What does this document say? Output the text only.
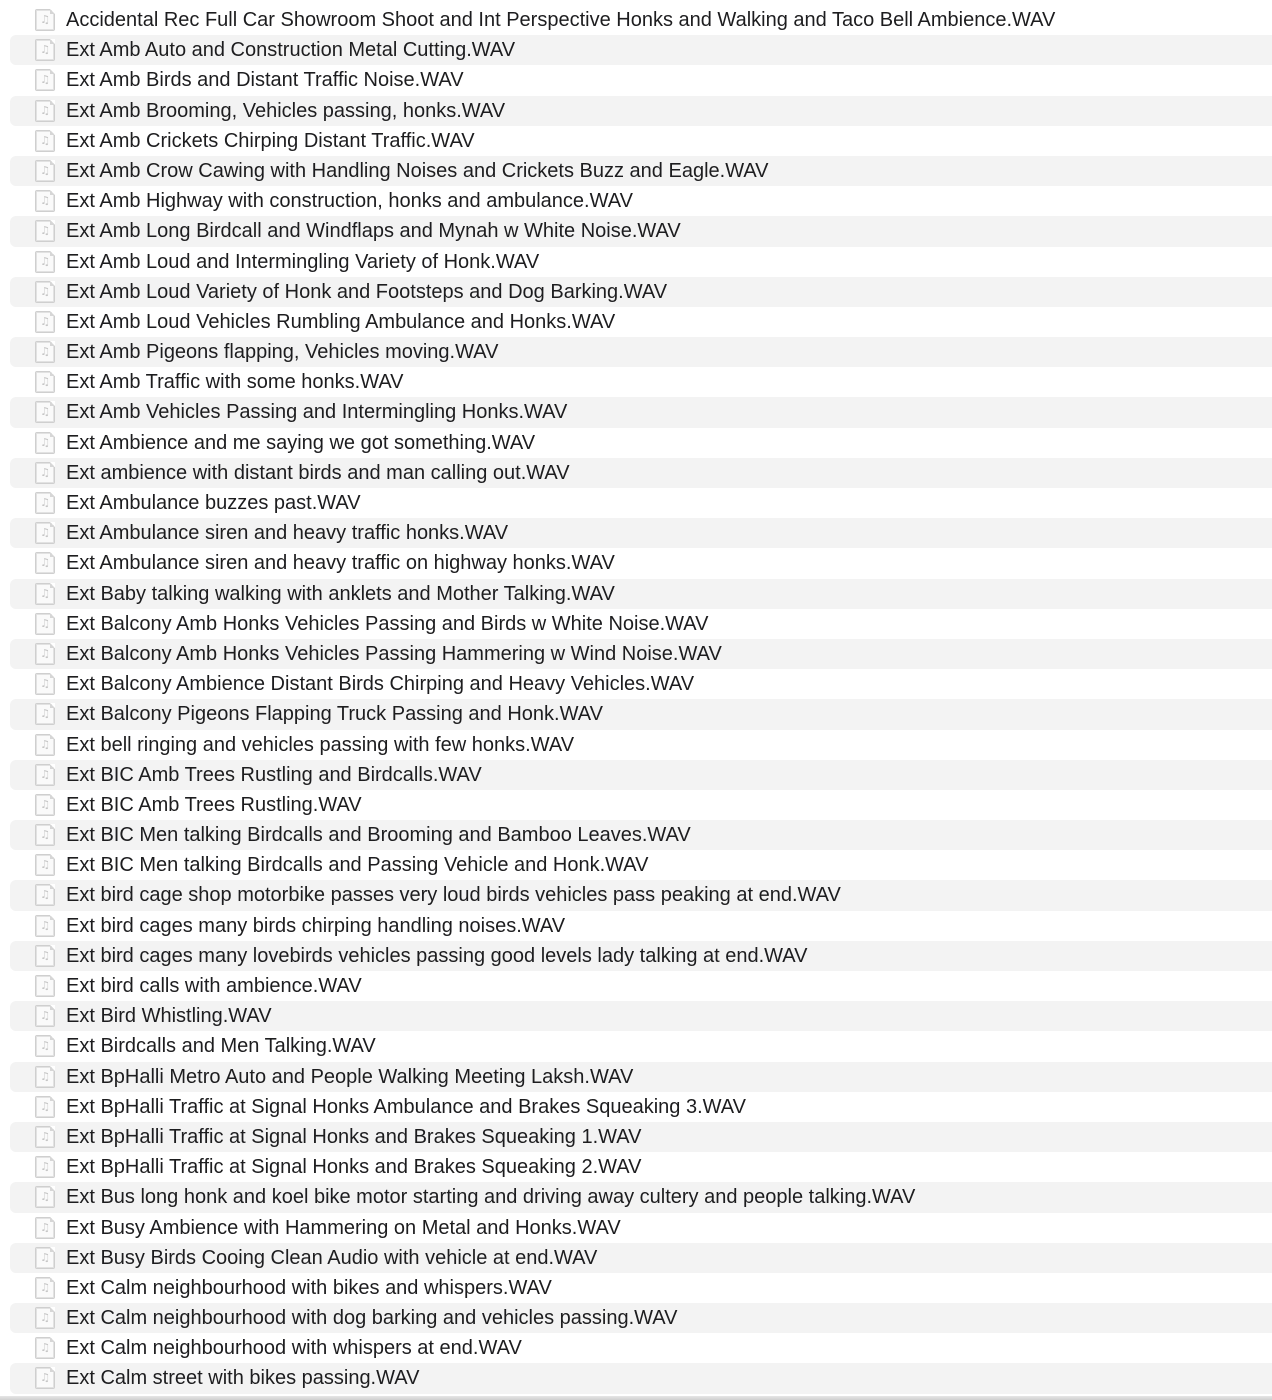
♫ Accidental Rec Full Car Showroom Shoot and Int Perspective Honks and Walking and Taco Bell Ambience.WAV
♫ Ext Amb Auto and Construction Metal Cutting.WAV
♫ Ext Amb Birds and Distant Traffic Noise.WAV
♫ Ext Amb Brooming, Vehicles passing, honks.WAV
♫ Ext Amb Crickets Chirping Distant Traffic.WAV
♫ Ext Amb Crow Cawing with Handling Noises and Crickets Buzz and Eagle.WAV
♫ Ext Amb Highway with construction, honks and ambulance.WAV
♫ Ext Amb Long Birdcall and Windflaps and Mynah w White Noise.WAV
♫ Ext Amb Loud and Intermingling Variety of Honk.WAV
♫ Ext Amb Loud Variety of Honk and Footsteps and Dog Barking.WAV
♫ Ext Amb Loud Vehicles Rumbling Ambulance and Honks.WAV
♫ Ext Amb Pigeons flapping, Vehicles moving.WAV
♫ Ext Amb Traffic with some honks.WAV
♫ Ext Amb Vehicles Passing and Intermingling Honks.WAV
♫ Ext Ambience and me saying we got something.WAV
♫ Ext ambience with distant birds and man calling out.WAV
♫ Ext Ambulance buzzes past.WAV
♫ Ext Ambulance siren and heavy traffic honks.WAV
♫ Ext Ambulance siren and heavy traffic on highway honks.WAV
♫ Ext Baby talking walking with anklets and Mother Talking.WAV
♫ Ext Balcony Amb Honks Vehicles Passing and Birds w White Noise.WAV
♫ Ext Balcony Amb Honks Vehicles Passing Hammering w Wind Noise.WAV
♫ Ext Balcony Ambience Distant Birds Chirping and Heavy Vehicles.WAV
♫ Ext Balcony Pigeons Flapping Truck Passing and Honk.WAV
♫ Ext bell ringing and vehicles passing with few honks.WAV
♫ Ext BIC Amb Trees Rustling and Birdcalls.WAV
♫ Ext BIC Amb Trees Rustling.WAV
♫ Ext BIC Men talking Birdcalls and Brooming and Bamboo Leaves.WAV
♫ Ext BIC Men talking Birdcalls and Passing Vehicle and Honk.WAV
♫ Ext bird cage shop motorbike passes very loud birds vehicles pass peaking at end.WAV
♫ Ext bird cages many birds chirping handling noises.WAV
♫ Ext bird cages many lovebirds vehicles passing good levels lady talking at end.WAV
♫ Ext bird calls with ambience.WAV
♫ Ext Bird Whistling.WAV
♫ Ext Birdcalls and Men Talking.WAV
♫ Ext BpHalli Metro Auto and People Walking Meeting Laksh.WAV
♫ Ext BpHalli Traffic at Signal Honks Ambulance and Brakes Squeaking 3.WAV
♫ Ext BpHalli Traffic at Signal Honks and Brakes Squeaking 1.WAV
♫ Ext BpHalli Traffic at Signal Honks and Brakes Squeaking 2.WAV
♫ Ext Bus long honk and koel bike motor starting and driving away cultery and people talking.WAV
♫ Ext Busy Ambience with Hammering on Metal and Honks.WAV
♫ Ext Busy Birds Cooing Clean Audio with vehicle at end.WAV
♫ Ext Calm neighbourhood with bikes and whispers.WAV
♫ Ext Calm neighbourhood with dog barking and vehicles passing.WAV
♫ Ext Calm neighbourhood with whispers at end.WAV
♫ Ext Calm street with bikes passing.WAV
